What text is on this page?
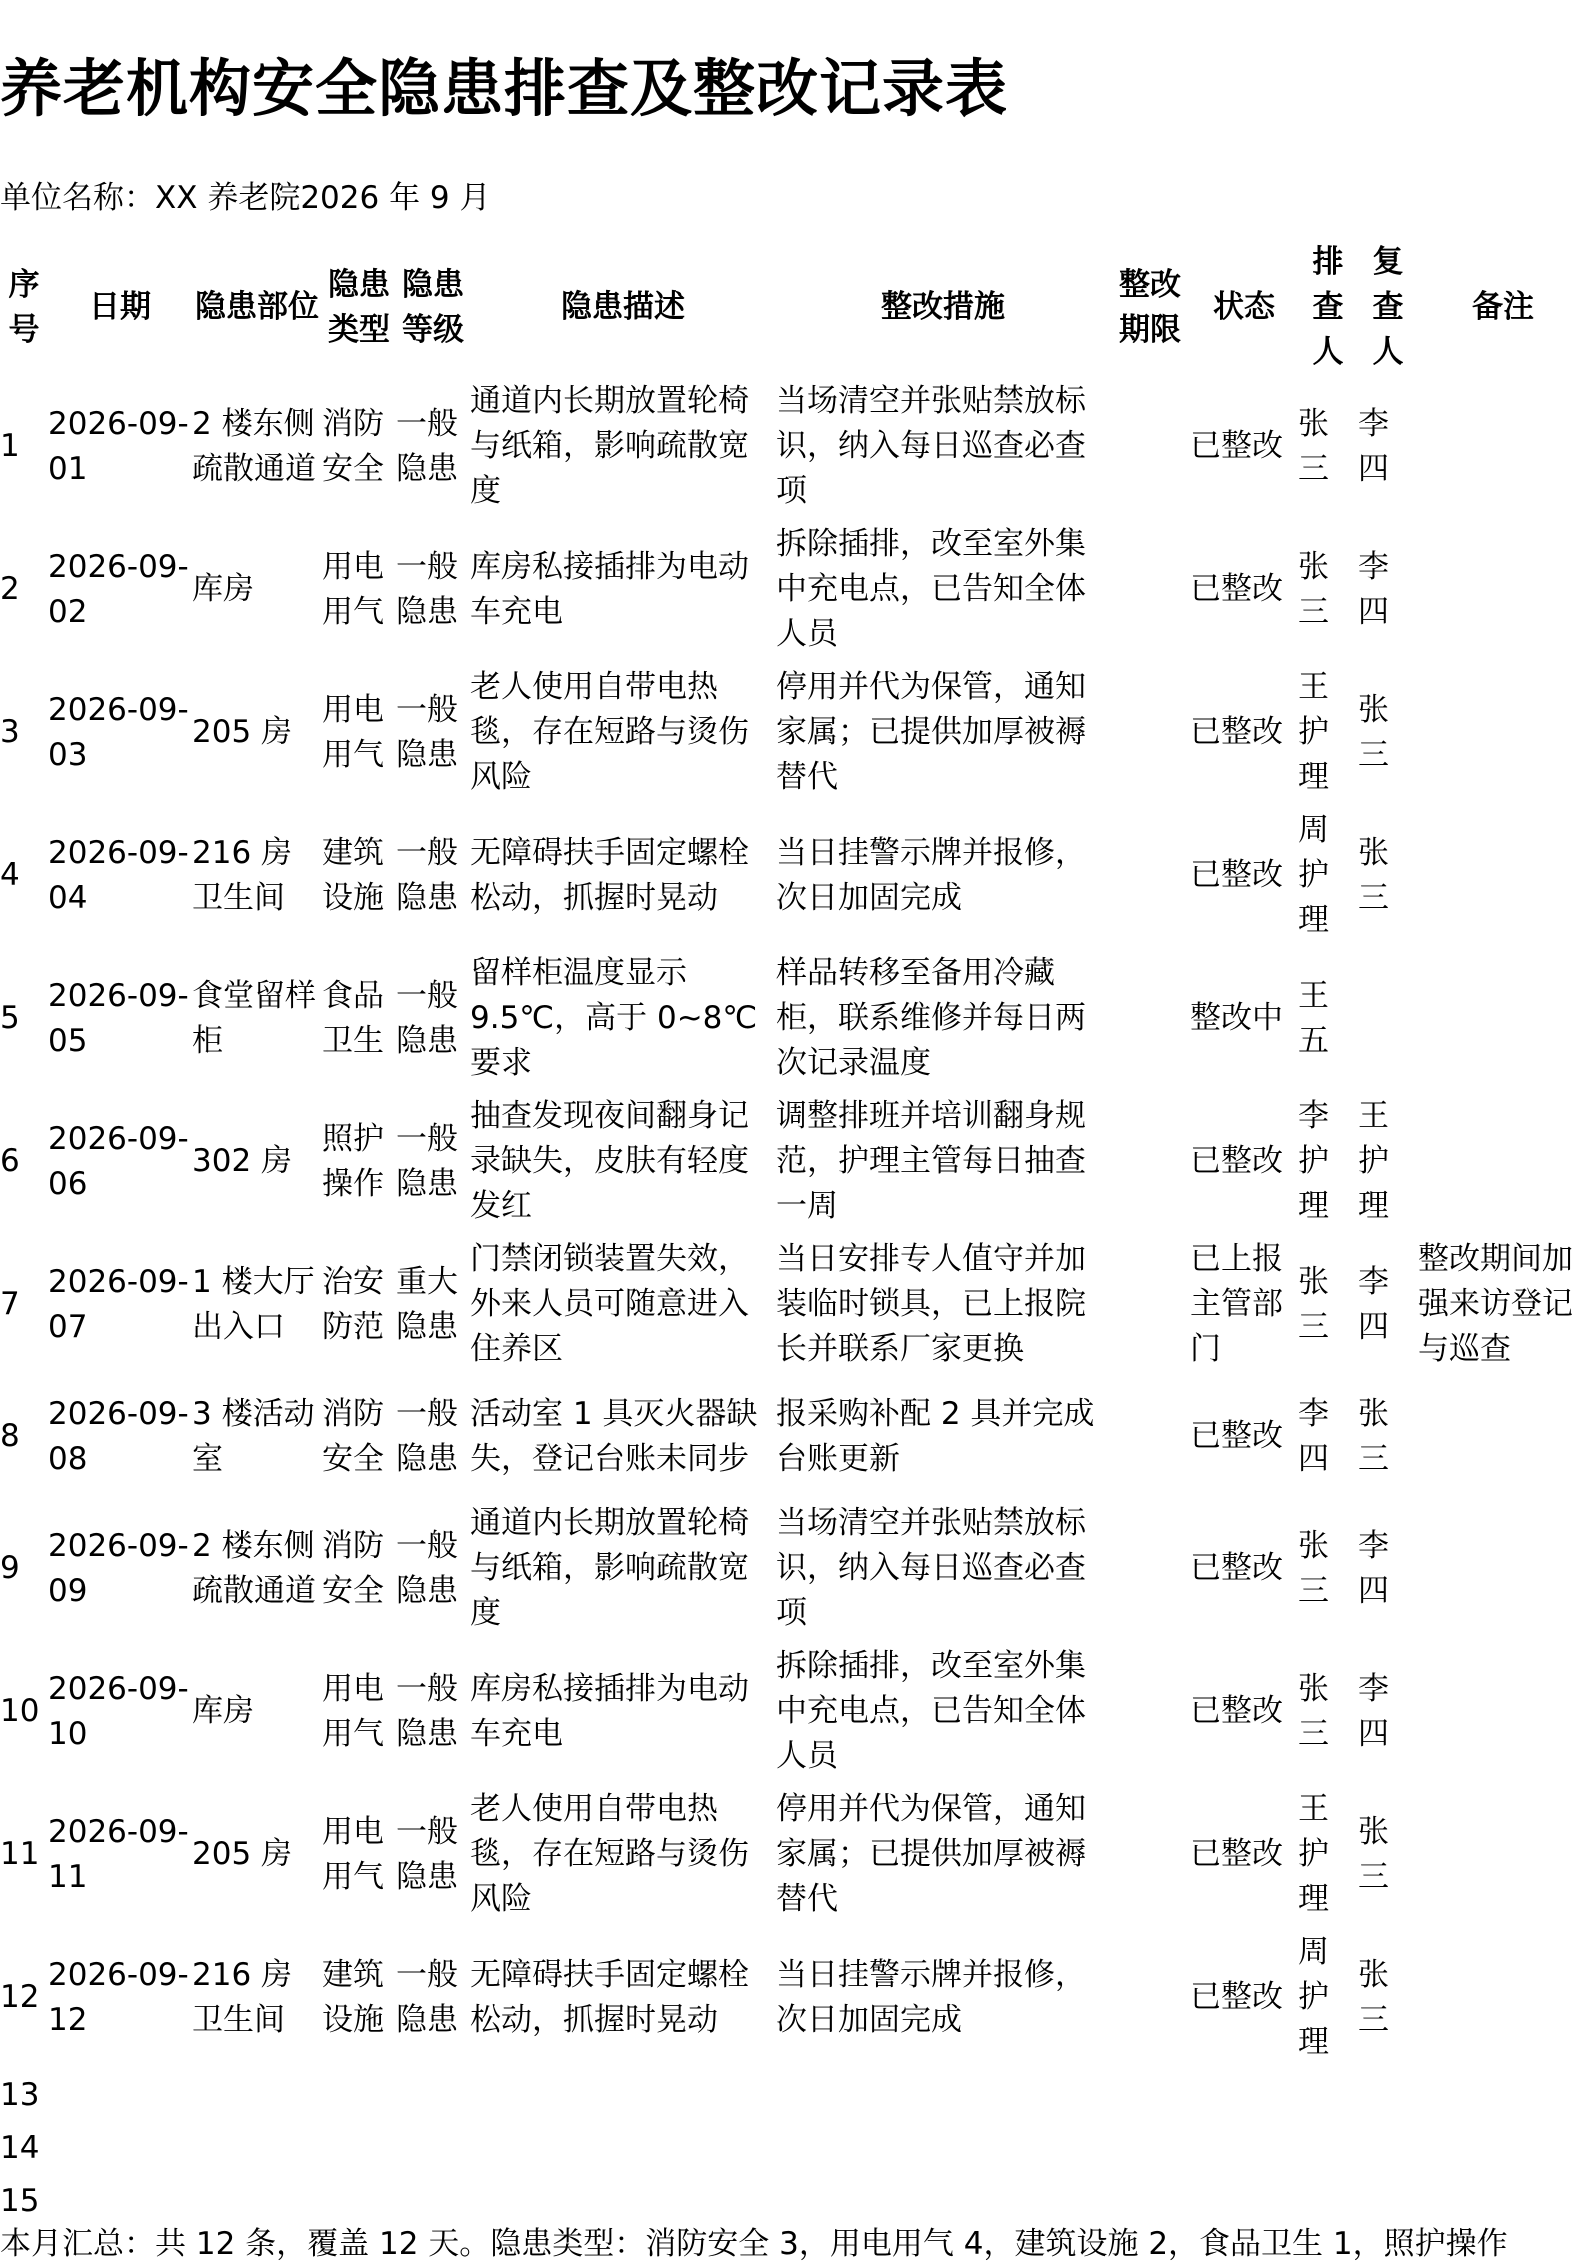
养老机构安全隐患排查及整改记录表
单位名称：XX 养老院2026 年 9 月
序号	日期	隐患部位	隐患类型	隐患等级	隐患描述	整改措施	整改期限	状态	排查人	复查人	备注
1	2026-09-01	2 楼东侧疏散通道	消防安全	一般隐患	通道内长期放置轮椅与纸箱，影响疏散宽度	当场清空并张贴禁放标识，纳入每日巡查必查项		已整改	张三	李四	
2	2026-09-02	库房	用电用气	一般隐患	库房私接插排为电动车充电	拆除插排，改至室外集中充电点，已告知全体人员		已整改	张三	李四	
3	2026-09-03	205 房	用电用气	一般隐患	老人使用自带电热毯，存在短路与烫伤风险	停用并代为保管，通知家属；已提供加厚被褥替代		已整改	王护理	张三	
4	2026-09-04	216 房卫生间	建筑设施	一般隐患	无障碍扶手固定螺栓松动，抓握时晃动	当日挂警示牌并报修，次日加固完成		已整改	周护理	张三	
5	2026-09-05	食堂留样柜	食品卫生	一般隐患	留样柜温度显示 9.5℃，高于 0~8℃ 要求	样品转移至备用冷藏柜，联系维修并每日两次记录温度		整改中	王五		
6	2026-09-06	302 房	照护操作	一般隐患	抽查发现夜间翻身记录缺失，皮肤有轻度发红	调整排班并培训翻身规范，护理主管每日抽查一周		已整改	李护理	王护理	
7	2026-09-07	1 楼大厅出入口	治安防范	重大隐患	门禁闭锁装置失效，外来人员可随意进入住养区	当日安排专人值守并加装临时锁具，已上报院长并联系厂家更换		已上报主管部门	张三	李四	整改期间加强来访登记与巡查
8	2026-09-08	3 楼活动室	消防安全	一般隐患	活动室 1 具灭火器缺失，登记台账未同步	报采购补配 2 具并完成台账更新		已整改	李四	张三	
9	2026-09-09	2 楼东侧疏散通道	消防安全	一般隐患	通道内长期放置轮椅与纸箱，影响疏散宽度	当场清空并张贴禁放标识，纳入每日巡查必查项		已整改	张三	李四	
10	2026-09-10	库房	用电用气	一般隐患	库房私接插排为电动车充电	拆除插排，改至室外集中充电点，已告知全体人员		已整改	张三	李四	
11	2026-09-11	205 房	用电用气	一般隐患	老人使用自带电热毯，存在短路与烫伤风险	停用并代为保管，通知家属；已提供加厚被褥替代		已整改	王护理	张三	
12	2026-09-12	216 房卫生间	建筑设施	一般隐患	无障碍扶手固定螺栓松动，抓握时晃动	当日挂警示牌并报修，次日加固完成		已整改	周护理	张三	
13											
14											
15											
本月汇总：共 12 条，覆盖 12 天。隐患类型：消防安全 3，用电用气 4，建筑设施 2，食品卫生 1，照护操作
